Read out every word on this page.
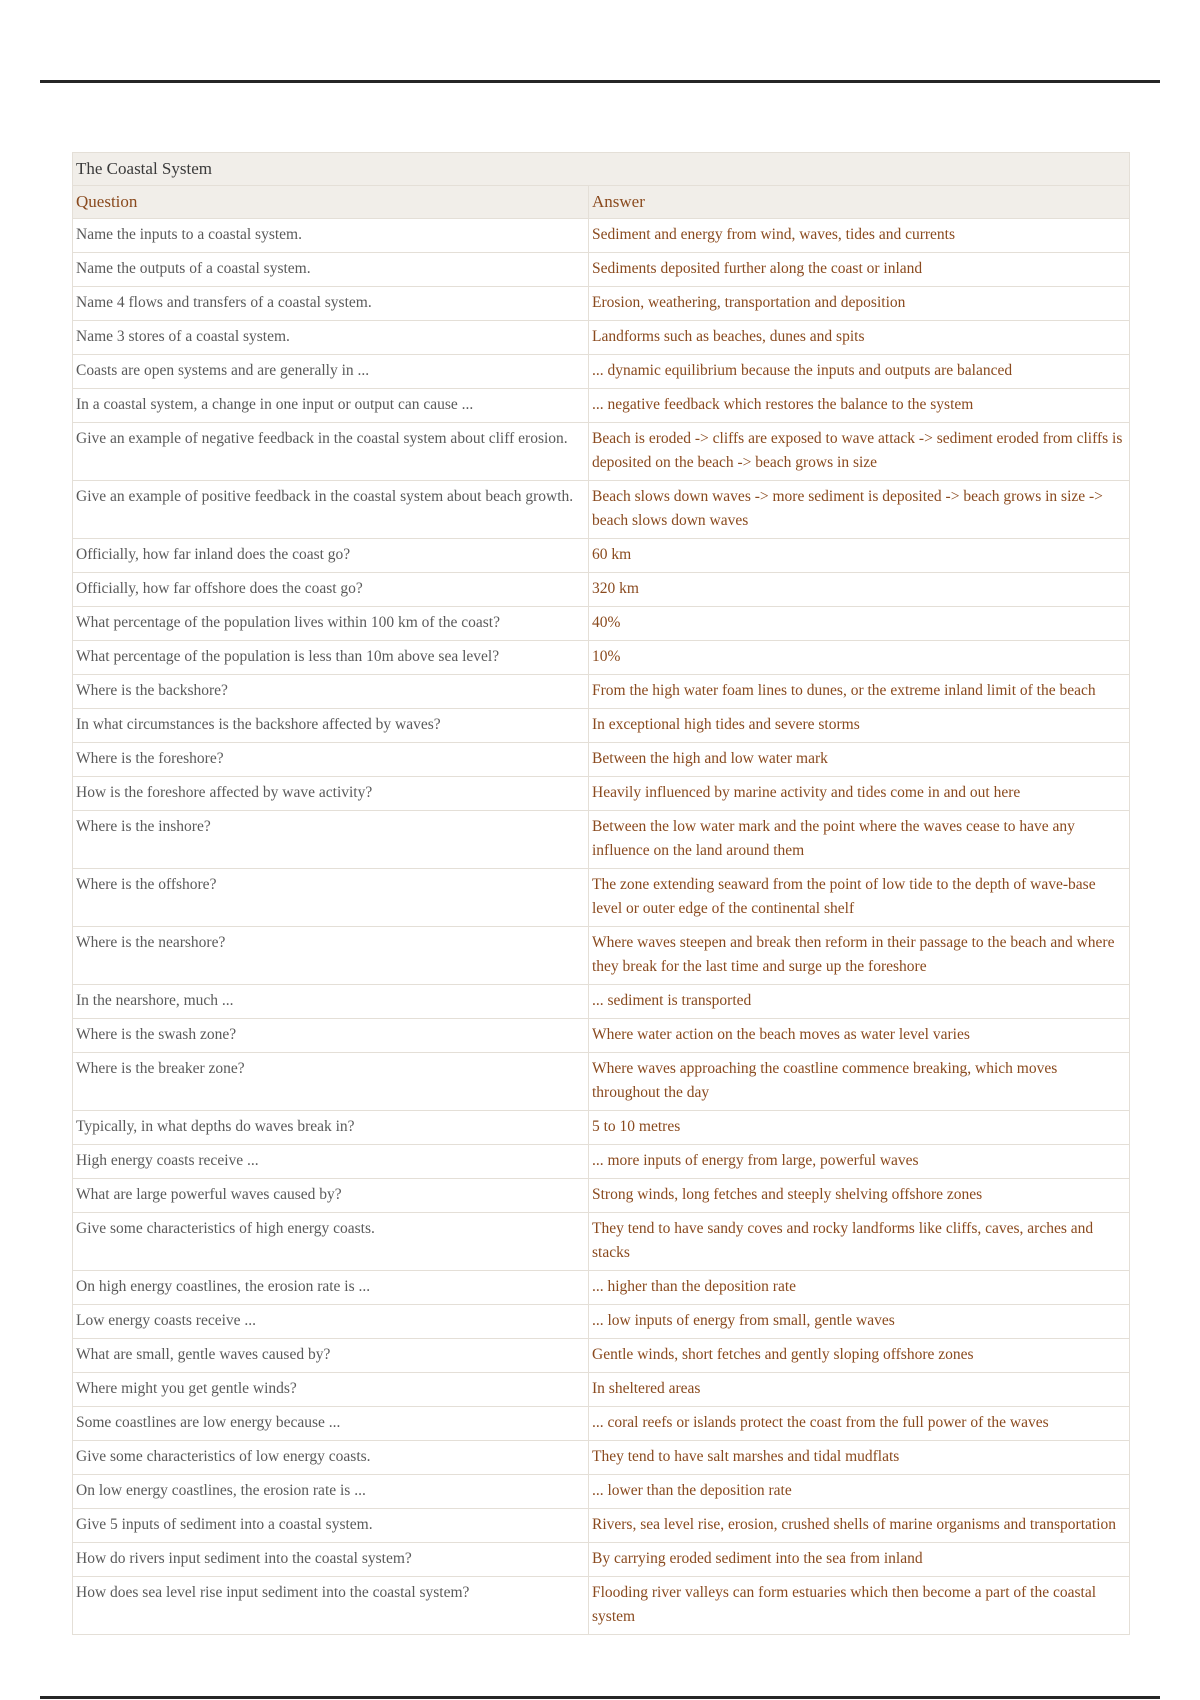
The Coastal System	
Question	Answer
Name the inputs to a coastal system.	Sediment and energy from wind, waves, tides and currents
Name the outputs of a coastal system.	Sediments deposited further along the coast or inland
Name 4 flows and transfers of a coastal system.	Erosion, weathering, transportation and deposition
Name 3 stores of a coastal system.	Landforms such as beaches, dunes and spits
Coasts are open systems and are generally in ...	... dynamic equilibrium because the inputs and outputs are balanced
In a coastal system, a change in one input or output can cause ...	... negative feedback which restores the balance to the system
Give an example of negative feedback in the coastal system about cliff erosion.	Beach is eroded -> cliffs are exposed to wave attack -> sediment eroded from cliffs is deposited on the beach -> beach grows in size
Give an example of positive feedback in the coastal system about beach growth.	Beach slows down waves -> more sediment is deposited -> beach grows in size -> beach slows down waves
Officially, how far inland does the coast go?	60 km
Officially, how far offshore does the coast go?	320 km
What percentage of the population lives within 100 km of the coast?	40%
What percentage of the population is less than 10m above sea level?	10%
Where is the backshore?	From the high water foam lines to dunes, or the extreme inland limit of the beach
In what circumstances is the backshore affected by waves?	In exceptional high tides and severe storms
Where is the foreshore?	Between the high and low water mark
How is the foreshore affected by wave activity?	Heavily influenced by marine activity and tides come in and out here
Where is the inshore?	Between the low water mark and the point where the waves cease to have any influence on the land around them
Where is the offshore?	The zone extending seaward from the point of low tide to the depth of wave-base level or outer edge of the continental shelf
Where is the nearshore?	Where waves steepen and break then reform in their passage to the beach and where they break for the last time and surge up the foreshore
In the nearshore, much ...	... sediment is transported
Where is the swash zone?	Where water action on the beach moves as water level varies
Where is the breaker zone?	Where waves approaching the coastline commence breaking, which moves throughout the day
Typically, in what depths do waves break in?	5 to 10 metres
High energy coasts receive ...	... more inputs of energy from large, powerful waves
What are large powerful waves caused by?	Strong winds, long fetches and steeply shelving offshore zones
Give some characteristics of high energy coasts.	They tend to have sandy coves and rocky landforms like cliffs, caves, arches and stacks
On high energy coastlines, the erosion rate is ...	... higher than the deposition rate
Low energy coasts receive ...	... low inputs of energy from small, gentle waves
What are small, gentle waves caused by?	Gentle winds, short fetches and gently sloping offshore zones
Where might you get gentle winds?	In sheltered areas
Some coastlines are low energy because ...	... coral reefs or islands protect the coast from the full power of the waves
Give some characteristics of low energy coasts.	They tend to have salt marshes and tidal mudflats
On low energy coastlines, the erosion rate is ...	... lower than the deposition rate
Give 5 inputs of sediment into a coastal system.	Rivers, sea level rise, erosion, crushed shells of marine organisms and transportation
How do rivers input sediment into the coastal system?	By carrying eroded sediment into the sea from inland
How does sea level rise input sediment into the coastal system?	Flooding river valleys can form estuaries which then become a part of the coastal system
